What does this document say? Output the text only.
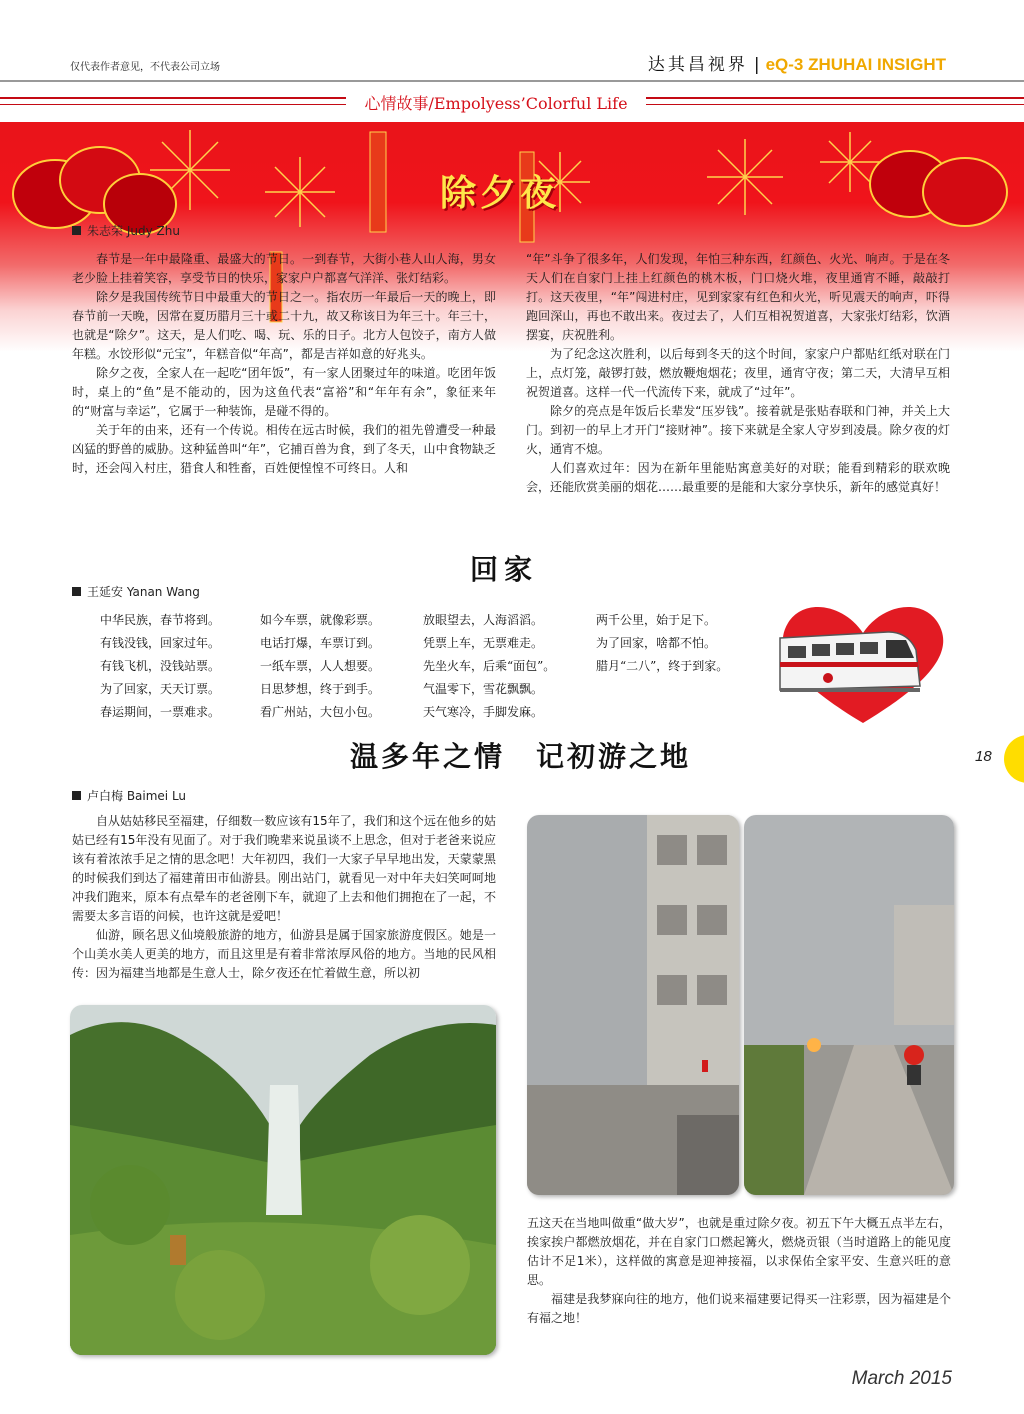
仅代表作者意见，不代表公司立场	达其昌视界 | eQ-3 ZHUHAI INSIGHT
心情故事/Empolyess’Colorful Life
除夕夜
朱志荣 Judy Zhu

春节是一年中最隆重、最盛大的节日。一到春节，大街小巷人山人海，男女老少脸上挂着笑容，享受节日的快乐，家家户户都喜气洋洋、张灯结彩。

除夕是我国传统节日中最重大的节日之一。指农历一年最后一天的晚上，即春节前一天晚，因常在夏历腊月三十或二十九，故又称该日为年三十。年三十，也就是“除夕”。这天，是人们吃、喝、玩、乐的日子。北方人包饺子，南方人做年糕。水饺形似“元宝”，年糕音似“年高”，都是吉祥如意的好兆头。

除夕之夜，全家人在一起吃“团年饭”，有一家人团聚过年的味道。吃团年饭时，桌上的“鱼”是不能动的，因为这鱼代表“富裕”和“年年有余”，象征来年的“财富与幸运”，它属于一种装饰，是碰不得的。

关于年的由来，还有一个传说。相传在远古时候，我们的祖先曾遭受一种最凶猛的野兽的威胁。这种猛兽叫“年”，它捕百兽为食，到了冬天，山中食物缺乏时，还会闯入村庄，猎食人和牲畜，百姓便惶惶不可终日。人和

“年”斗争了很多年，人们发现，年怕三种东西，红颜色、火光、响声。于是在冬天人们在自家门上挂上红颜色的桃木板，门口烧火堆，夜里通宵不睡，敲敲打打。这天夜里，“年”闯进村庄，见到家家有红色和火光，听见震天的响声，吓得跑回深山，再也不敢出来。夜过去了，人们互相祝贺道喜，大家张灯结彩，饮酒摆宴，庆祝胜利。

为了纪念这次胜利，以后每到冬天的这个时间，家家户户都贴红纸对联在门上，点灯笼，敲锣打鼓，燃放鞭炮烟花；夜里，通宵守夜；第二天，大清早互相祝贺道喜。这样一代一代流传下来，就成了“过年”。

除夕的亮点是年饭后长辈发“压岁钱”。接着就是张贴春联和门神，并关上大门。到初一的早上才开门“接财神”。接下来就是全家人守岁到凌晨。除夕夜的灯火，通宵不熄。

人们喜欢过年：因为在新年里能贴寓意美好的对联；能看到精彩的联欢晚会，还能欣赏美丽的烟花……最重要的是能和大家分享快乐，新年的感觉真好！

回家
王延安 Yanan Wang
中华民族，春节将到。
有钱没钱，回家过年。
有钱飞机，没钱站票。
为了回家，天天订票。
春运期间，一票难求。
如今车票，就像彩票。
电话打爆，车票订到。
一纸车票，人人想要。
日思梦想，终于到手。
看广州站，大包小包。
放眼望去，人海滔滔。
凭票上车，无票难走。
先坐火车，后乘“面包”。
气温零下，雪花飘飘。
天气寒冷，手脚发麻。
两千公里，始于足下。
为了回家，啥都不怕。
腊月“二八”，终于到家。
温多年之情　记初游之地	18
卢白梅 Baimei Lu

自从姑姑移民至福建，仔细数一数应该有15年了，我们和这个远在他乡的姑姑已经有15年没有见面了。对于我们晚辈来说虽谈不上思念，但对于老爸来说应该有着浓浓手足之情的思念吧！大年初四，我们一大家子早早地出发，天蒙蒙黑的时候我们到达了福建莆田市仙游县。刚出站门，就看见一对中年夫妇笑呵呵地冲我们跑来，原本有点晕车的老爸刚下车，就迎了上去和他们拥抱在了一起，不需要太多言语的问候，也许这就是爱吧！

仙游，顾名思义仙境般旅游的地方，仙游县是属于国家旅游度假区。她是一个山美水美人更美的地方，而且这里是有着非常浓厚风俗的地方。当地的民风相传：因为福建当地都是生意人士，除夕夜还在忙着做生意，所以初

五这天在当地叫做重“做大岁”，也就是重过除夕夜。初五下午大概五点半左右，挨家挨户都燃放烟花，并在自家门口燃起篝火，燃烧贡银（当时道路上的能见度估计不足1米），这样做的寓意是迎神接福，以求保佑全家平安、生意兴旺的意思。

福建是我梦寐向往的地方，他们说来福建要记得买一注彩票，因为福建是个有福之地！

March 2015
